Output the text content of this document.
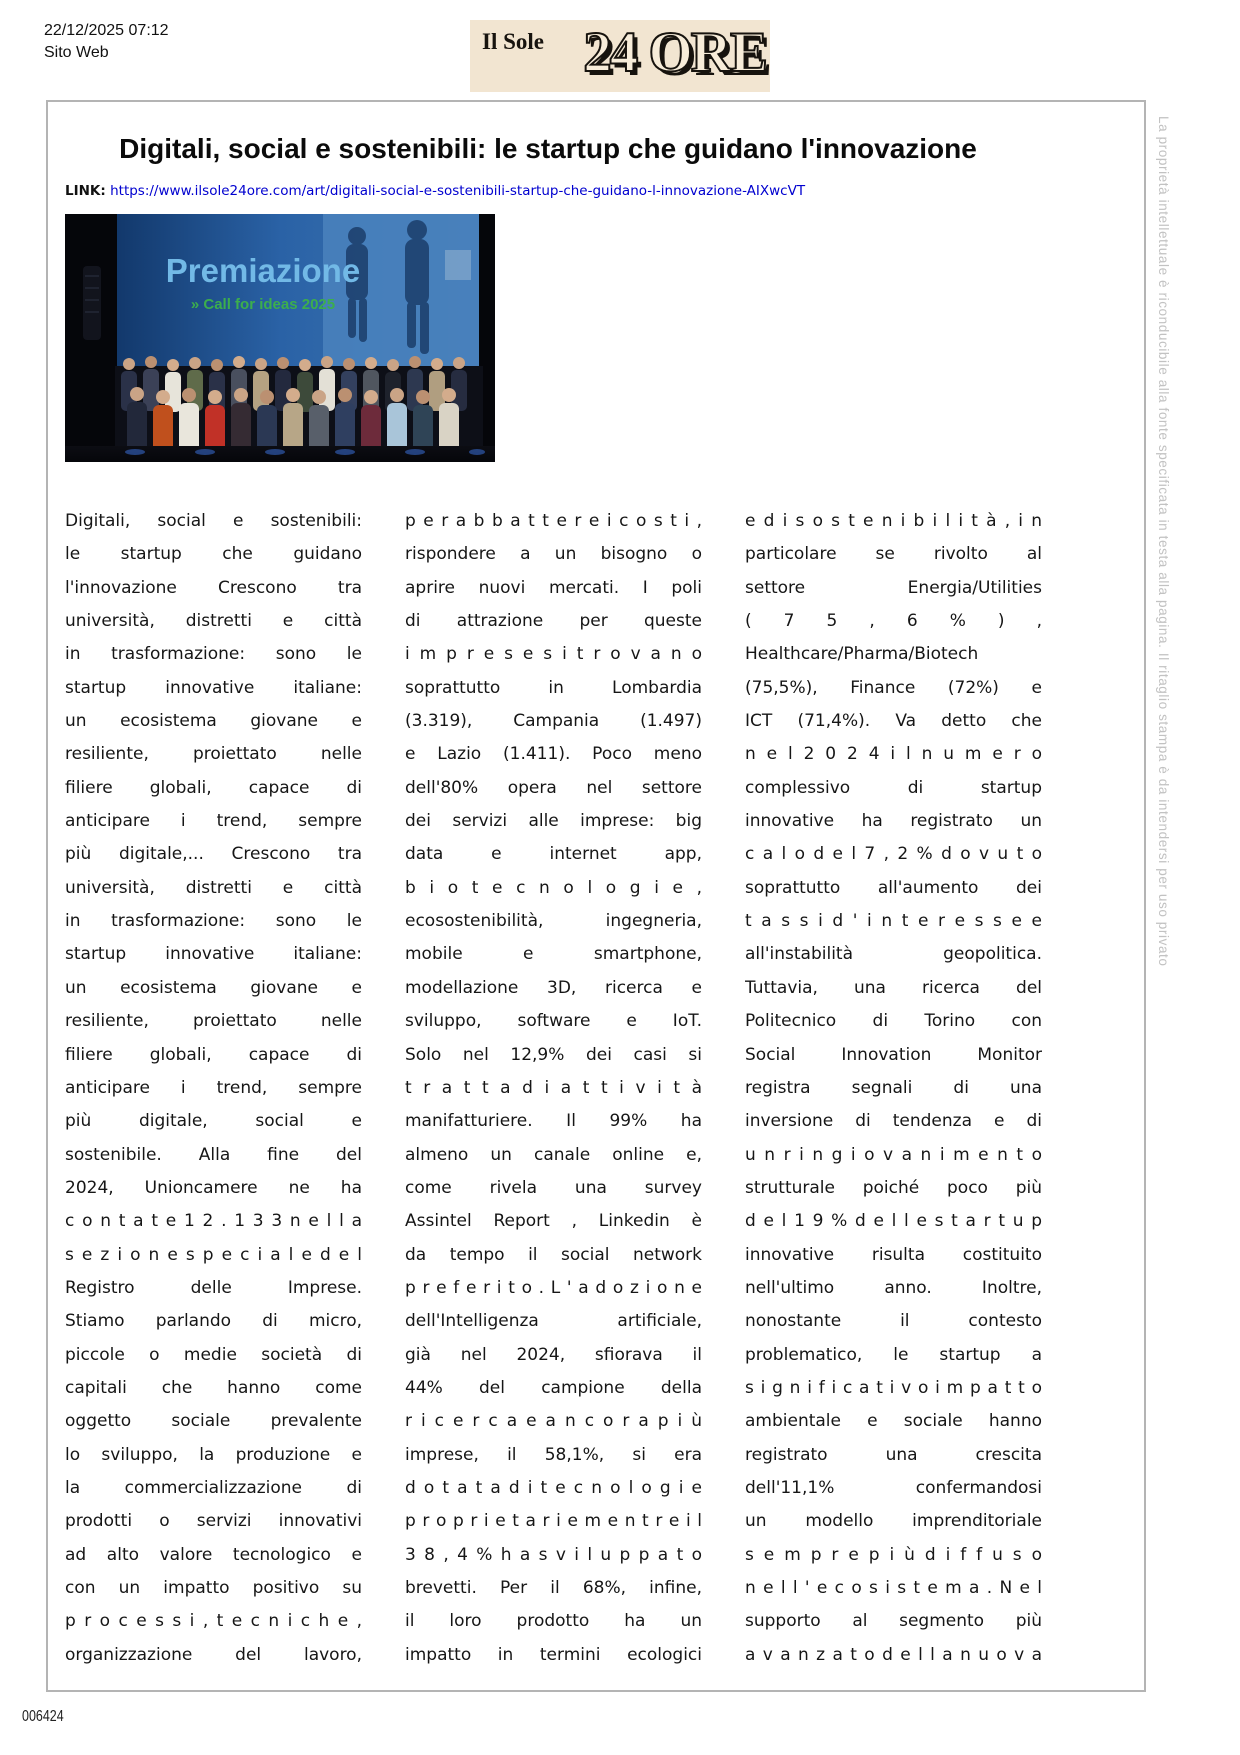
22/12/2025 07:12
Sito Web	Il Sole 24 ORE
Digitali, social e sostenibili: le startup che guidano l'innovazione
LINK: https://www.ilsole24ore.com/art/digitali-social-e-sostenibili-startup-che-guidano-l-innovazione-AIXwcVT
Premiazione
» Call for ideas 2025
Digitali, social e sostenibili:
le startup che guidano
l'innovazione Crescono tra
università, distretti e città
in trasformazione: sono le
startup innovative italiane:
un ecosistema giovane e
resiliente, proiettato nelle
filiere globali, capace di
anticipare i trend, sempre
più digitale,... Crescono tra
università, distretti e città
in trasformazione: sono le
startup innovative italiane:
un ecosistema giovane e
resiliente, proiettato nelle
filiere globali, capace di
anticipare i trend, sempre
più digitale, social e
sostenibile. Alla fine del
2024, Unioncamere ne ha
c o n t a t e 1 2 . 1 3 3 n e l l a
s e z i o n e s p e c i a l e d e l
Registro delle Imprese.
Stiamo parlando di micro,
piccole o medie società di
capitali che hanno come
oggetto sociale prevalente
lo sviluppo, la produzione e
la commercializzazione di
prodotti o servizi innovativi
ad alto valore tecnologico e
con un impatto positivo su
p r o c e s s i , t e c n i c h e ,
organizzazione del lavoro,
p e r a b b a t t e r e i c o s t i ,
rispondere a un bisogno o
aprire nuovi mercati. I poli
di attrazione per queste
i m p r e s e s i t r o v a n o
soprattutto in Lombardia
(3.319), Campania (1.497)
e Lazio (1.411). Poco meno
dell'80% opera nel settore
dei servizi alle imprese: big
data e internet app,
b i o t e c n o l o g i e ,
ecosostenibilità, ingegneria,
mobile e smartphone,
modellazione 3D, ricerca e
sviluppo, software e IoT.
Solo nel 12,9% dei casi si
t r a t t a d i a t t i v i t à
manifatturiere. Il 99% ha
almeno un canale online e,
come rivela una survey
Assintel Report , Linkedin è
da tempo il social network
p r e f e r i t o . L ' a d o z i o n e
dell'Intelligenza artificiale,
già nel 2024, sfiorava il
44% del campione della
r i c e r c a e a n c o r a p i ù
imprese, il 58,1%, si era
d o t a t a d i t e c n o l o g i e
p r o p r i e t a r i e m e n t r e i l
3 8 , 4 % h a s v i l u p p a t o
brevetti. Per il 68%, infine,
il loro prodotto ha un
impatto in termini ecologici
e d i s o s t e n i b i l i t à , i n
particolare se rivolto al
settore Energia/Utilities
( 7 5 , 6 % ) ,
Healthcare/Pharma/Biotech
(75,5%), Finance (72%) e
ICT (71,4%). Va detto che
n e l 2 0 2 4 i l n u m e r o
complessivo di startup
innovative ha registrato un
c a l o d e l 7 , 2 % d o v u t o
soprattutto all'aumento dei
t a s s i d ' i n t e r e s s e e
all'instabilità geopolitica.
Tuttavia, una ricerca del
Politecnico di Torino con
Social Innovation Monitor
registra segnali di una
inversione di tendenza e di
u n r i n g i o v a n i m e n t o
strutturale poiché poco più
d e l 1 9 % d e l l e s t a r t u p
innovative risulta costituito
nell'ultimo anno. Inoltre,
nonostante il contesto
problematico, le startup a
s i g n i f i c a t i v o i m p a t t o
ambientale e sociale hanno
registrato una crescita
dell'11,1% confermandosi
un modello imprenditoriale
s e m p r e p i ù d i f f u s o
n e l l ' e c o s i s t e m a . N e l
supporto al segmento più
a v a n z a t o d e l l a n u o v a
La proprietà intellettuale è riconducibile alla fonte specificata in testa alla pagina. Il ritaglio stampa è da intendersi per uso privato
006424
